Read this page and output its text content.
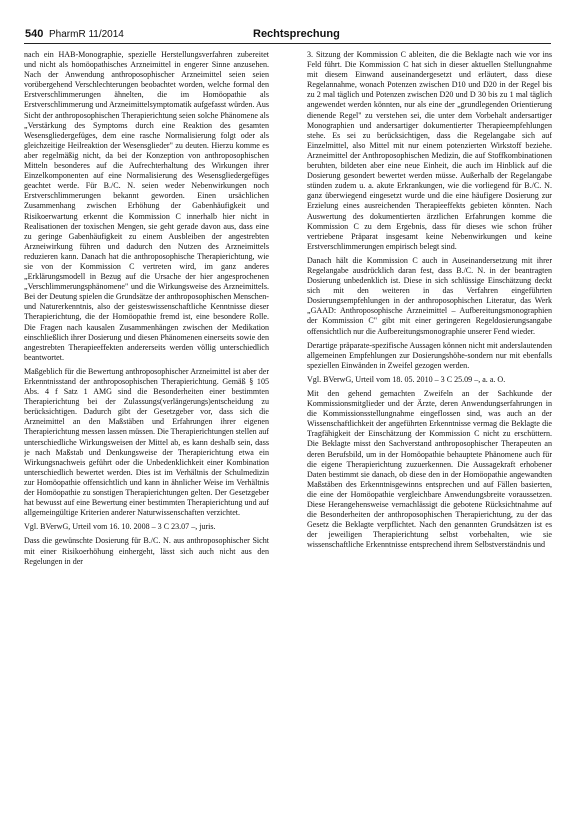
540 PharmR 11/2014	Rechtsprechung

nach ein HAB-Monographie, spezielle Herstellungsverfahren zubereitet und nicht als homöopathisches Arzneimittel in engerer Sinne anzusehen. Nach der Anwendung anthroposophischer Arzneimittel seien seien vorübergehend Verschlechterungen beobachtet worden, welche formal den Erstverschlimmerungen ähnelten, die im Homöopathie als Erstverschlimmerung und Arzneimittelsymptomatik aufgefasst würden. Aus Sicht der anthroposophischen Therapierichtung seien solche Phänomene als „Verstärkung des Symptoms durch eine Reaktion des gesamten Wesensgliedergefüges, dem eine rasche Normalisierung folgt oder als gleichzeitige Heilreaktion der Wesensglieder" zu deuten. Hierzu komme es aber regelmäßig nicht, da bei der Konzeption von anthroposophischen Mitteln besonderes auf die Aufrechterhaltung des Wirkungen ihrer Einzelkomponenten auf eine Normalisierung des Wesensgliedergefüges geachtet werde. Für B./C. N. seien weder Nebenwirkungen noch Erstverschlimmerungen bekannt geworden. Einen ursächlichen Zusammenhang zwischen Erhöhung der Gabenhäufigkeit und Risikoerwartung erkennt die Kommission C innerhalb hier nicht in Realisationen der toxischen Mengen, sie geht gerade davon aus, dass eine zu geringe Gabenhäufigkeit zu einem Ausbleiben der angestrebten Arzneiwirkung führen und dadurch den Nutzen des Arzneimittels reduzieren kann. Danach hat die anthroposophische Therapierichtung, wie sie von der Kommission C vertreten wird, im ganz anderes „Erklärungsmodell in Bezug auf die Ursache der hier angesprochenen „Verschlimmerungsphänomene" und die Wirkungsweise des Arzneimittels. Bei der Deutung spielen die Grundsätze der anthroposophischen Menschen- und Naturerkenntnis, also der geisteswissenschaftliche Kenntnisse dieser Therapierichtung, die der Homöopathie fremd ist, eine besondere Rolle. Die Fragen nach kausalen Zusammenhängen zwischen der Medikation einschließlich ihrer Dosierung und diesen Phänomenen einerseits sowie den angestrebten Therapieeffekten andererseits werden völlig unterschiedlich beantwortet.

Maßgeblich für die Bewertung anthroposophischer Arzneimittel ist aber der Erkenntnisstand der anthroposophischen Therapierichtung. Gemäß § 105 Abs. 4 f Satz 1 AMG sind die Besonderheiten einer bestimmten Therapierichtung bei der Zulassungs(verlängerungs)entscheidung zu berücksichtigen. Dadurch gibt der Gesetzgeber vor, dass sich die Arzneimittel an den Maßstäben und Erfahrungen ihrer eigenen Therapierichtung messen lassen müssen. Die Therapierichtungen stellen auf unterschiedliche Wirkungsweisen der Mittel ab, es kann deshalb sein, dass je nach Maßstab und Denkungsweise der Therapierichtung etwa ein Wirkungsnachweis geführt oder die Unbedenklichkeit einer Kombination unterschiedlich bewertet werden. Dies ist im Verhältnis der Schulmedizin zur Homöopathie offensichtlich und kann in ähnlicher Weise im Verhältnis der Homöopathie zu sonstigen Therapierichtungen gelten. Der Gesetzgeber hat bewusst auf eine Bewertung einer bestimmten Therapierichtung und auf allgemeingültige Kriterien anderer Naturwissenschaften verzichtet.

Vgl. BVerwG, Urteil vom 16. 10. 2008 – 3 C 23.07 –, juris.

Dass die gewünschte Dosierung für B./C. N. aus anthroposophischer Sicht mit einer Risikoerhöhung einhergeht, lässt sich auch nicht aus den Regelungen in der

3. Sitzung der Kommission C ableiten, die die Beklagte nach wie vor ins Feld führt. Die Kommission C hat sich in dieser aktuellen Stellungnahme mit diesem Einwand auseinandergesetzt und erläutert, dass diese Regelannahme, wonach Potenzen zwischen D10 und D20 in der Regel bis zu 2 mal täglich und Potenzen zwischen D20 und D 30 bis zu 1 mal täglich angewendet werden könnten, nur als eine der „grundlegenden Orientierung dienende Regel" zu verstehen sei, die unter dem Vorbehalt andersartiger Monographien und andersartiger dokumentierter Therapieempfehlungen stehe. Es sei zu berücksichtigen, dass die Regelangabe sich auf Einzelmittel, also Mittel mit nur einem potenzierten Wirkstoff beziehe. Arzneimittel der Anthroposophischen Medizin, die auf Stoffkombinationen beruhten, bildeten aber eine neue Einheit, die auch im Hinblick auf die Dosierung gesondert bewertet werden müsse. Außerhalb der Regelangabe stünden zudem u. a. akute Erkrankungen, wie die vorliegend für B./C. N. ganz überwiegend eingesetzt wurde und die eine häufigere Dosierung zur Erzielung eines ausreichenden Therapieeffekts gebieten könnten. Nach Auswertung des dokumentierten ärztlichen Erfahrungen komme die Kommission C zu dem Ergebnis, dass für dieses wie schon früher vertriebene Präparat insgesamt keine Nebenwirkungen und keine Erstverschlimmerungen empirisch belegt sind.

Danach hält die Kommission C auch in Auseinandersetzung mit ihrer Regelangabe ausdrücklich daran fest, dass B./C. N. in der beantragten Dosierung unbedenklich ist. Diese in sich schlüssige Einschätzung deckt sich mit den weiteren in das Verfahren eingeführten Dosierungsempfehlungen in der anthroposophischen Literatur, das Werk „GAAD: Anthroposophische Arzneimittel – Aufbereitungsmonographien der Kommission C" gibt mit einer geringeren Regeldosierungsangabe offensichtlich nur die Aufbereitungsmonographie unserer Fend wieder.

Derartige präparate-spezifische Aussagen können nicht mit anderslautenden allgemeinen Empfehlungen zur Dosierungshöhe-sondern nur mit ebenfalls speziellen Einwänden in Zweifel gezogen werden.

Vgl. BVerwG, Urteil vom 18. 05. 2010 – 3 C 25.09 –, a. a. O.

Mit den gehend gemachten Zweifeln an der Sachkunde der Kommissionsmitglieder und der Ärzte, deren Anwendungserfahrungen in die Kommissionsstellungnahme eingeflossen sind, was auch an der Wissenschaftlichkeit der angeführten Erkenntnisse vermag die Beklagte die Tragfähigkeit der Einschätzung der Kommission C nicht zu erschüttern. Die Beklagte misst den Sachverstand anthroposophischer Therapeuten an deren Berufsbild, um in der Homöopathie behauptete Phänomene auch für die eigene Therapierichtung zuzuerkennen. Die Aussagekraft erhobener Daten bestimmt sie danach, ob diese den in der Homöopathie angewandten Maßstäben des Erkenntnisgewinns entsprechen und auf Fällen basierten, die eine der Homöopathie vergleichbare Anwendungsbreite voraussetzen. Diese Herangehensweise vernachlässigt die gebotene Rücksichtnahme auf die Besonderheiten der anthroposophischen Therapierichtung, zu der das Gesetz die Beklagte verpflichtet. Nach den genannten Grundsätzen ist es der jeweiligen Therapierichtung selbst vorbehalten, wie sie wissenschaftliche Erkenntnisse entsprechend ihrem Selbstverständnis und
